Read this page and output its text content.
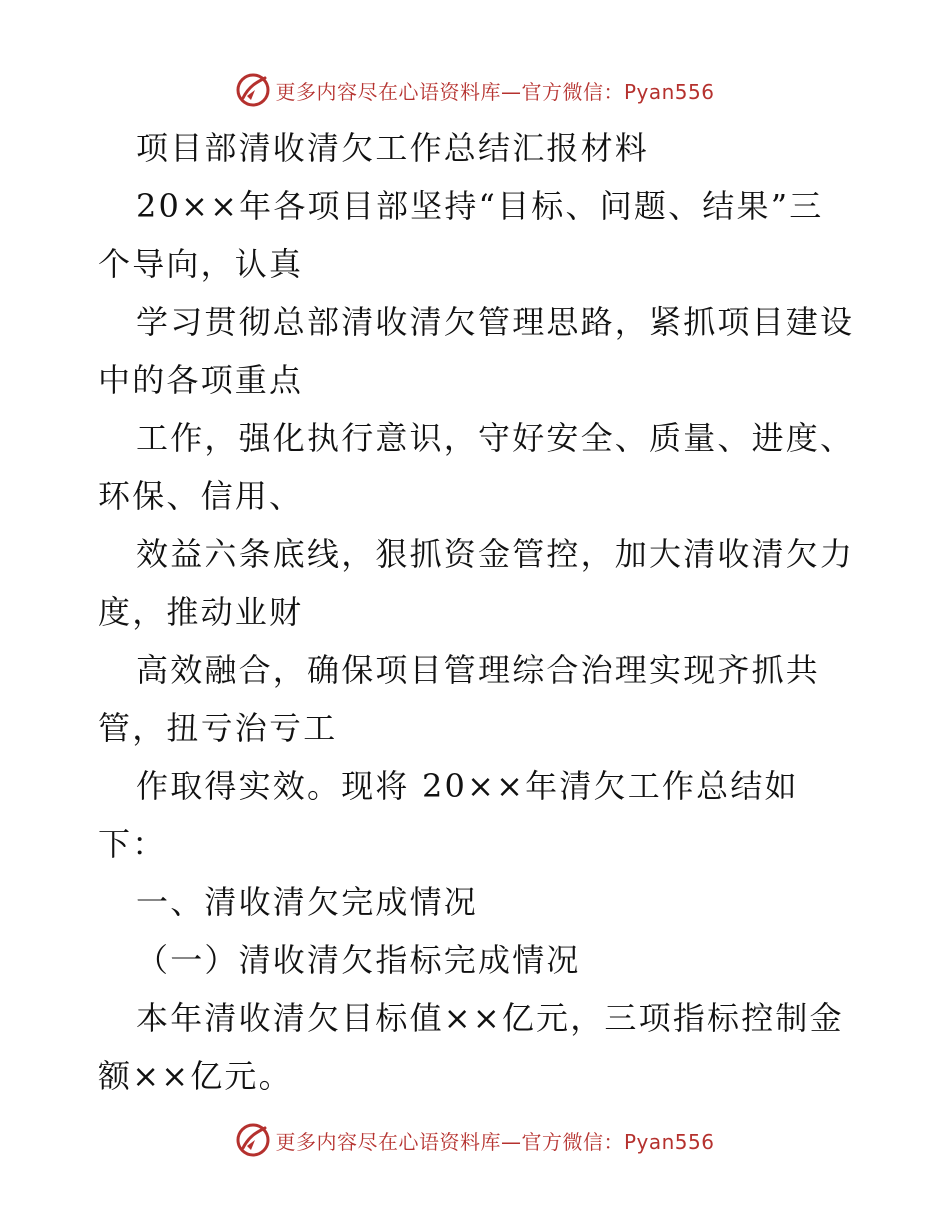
更多内容尽在心语资料库—官方微信：Pyan556
项目部清收清欠工作总结汇报材料
20××年各项目部坚持“目标、问题、结果”三
个导向，认真
学习贯彻总部清收清欠管理思路，紧抓项目建设
中的各项重点
工作，强化执行意识，守好安全、质量、进度、
环保、信用、
效益六条底线，狠抓资金管控，加大清收清欠力
度，推动业财
高效融合，确保项目管理综合治理实现齐抓共
管，扭亏治亏工
作取得实效。现将 20××年清欠工作总结如
下：
一、清收清欠完成情况
（一）清收清欠指标完成情况
本年清收清欠目标值××亿元，三项指标控制金
额××亿元。
更多内容尽在心语资料库—官方微信：Pyan556
